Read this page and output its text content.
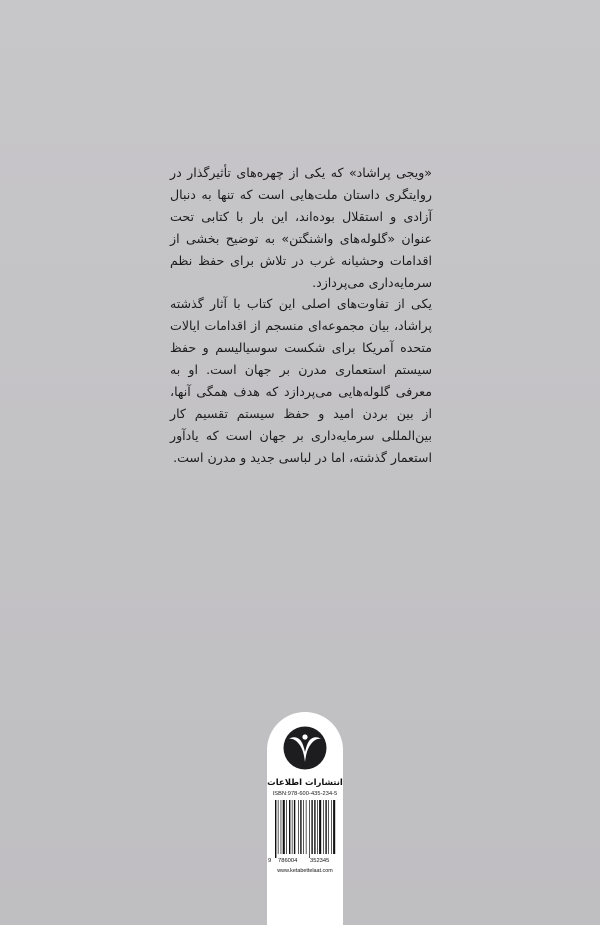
«ویجی پراشاد» که یکی از چهره‌های تأثیرگذار در روایتگری داستان ملت‌هایی است که تنها به دنبال آزادی و استقلال بوده‌اند، این بار با کتابی تحت عنوان «گلوله‌های واشنگتن» به توضیح بخشی از اقدامات وحشیانه غرب در تلاش برای حفظ نظم سرمایه‌داری می‌پردازد.

یکی از تفاوت‌های اصلی این کتاب با آثار گذشته پراشاد، بیان مجموعه‌ای منسجم از اقدامات ایالات متحده آمریکا برای شکست سوسیالیسم و حفظ سیستم استعماری مدرن بر جهان است. او به معرفی گلوله‌هایی می‌پردازد که هدف همگی آنها، از بین بردن امید و حفظ سیستم تقسیم کار بین‌المللی سرمایه‌داری بر جهان است که یادآور استعمار گذشته، اما در لباسی جدید و مدرن است.

انتشارات اطلاعات
ISBN:978-600-435-234-5
9 786004 352345
www.ketabettelaat.com
